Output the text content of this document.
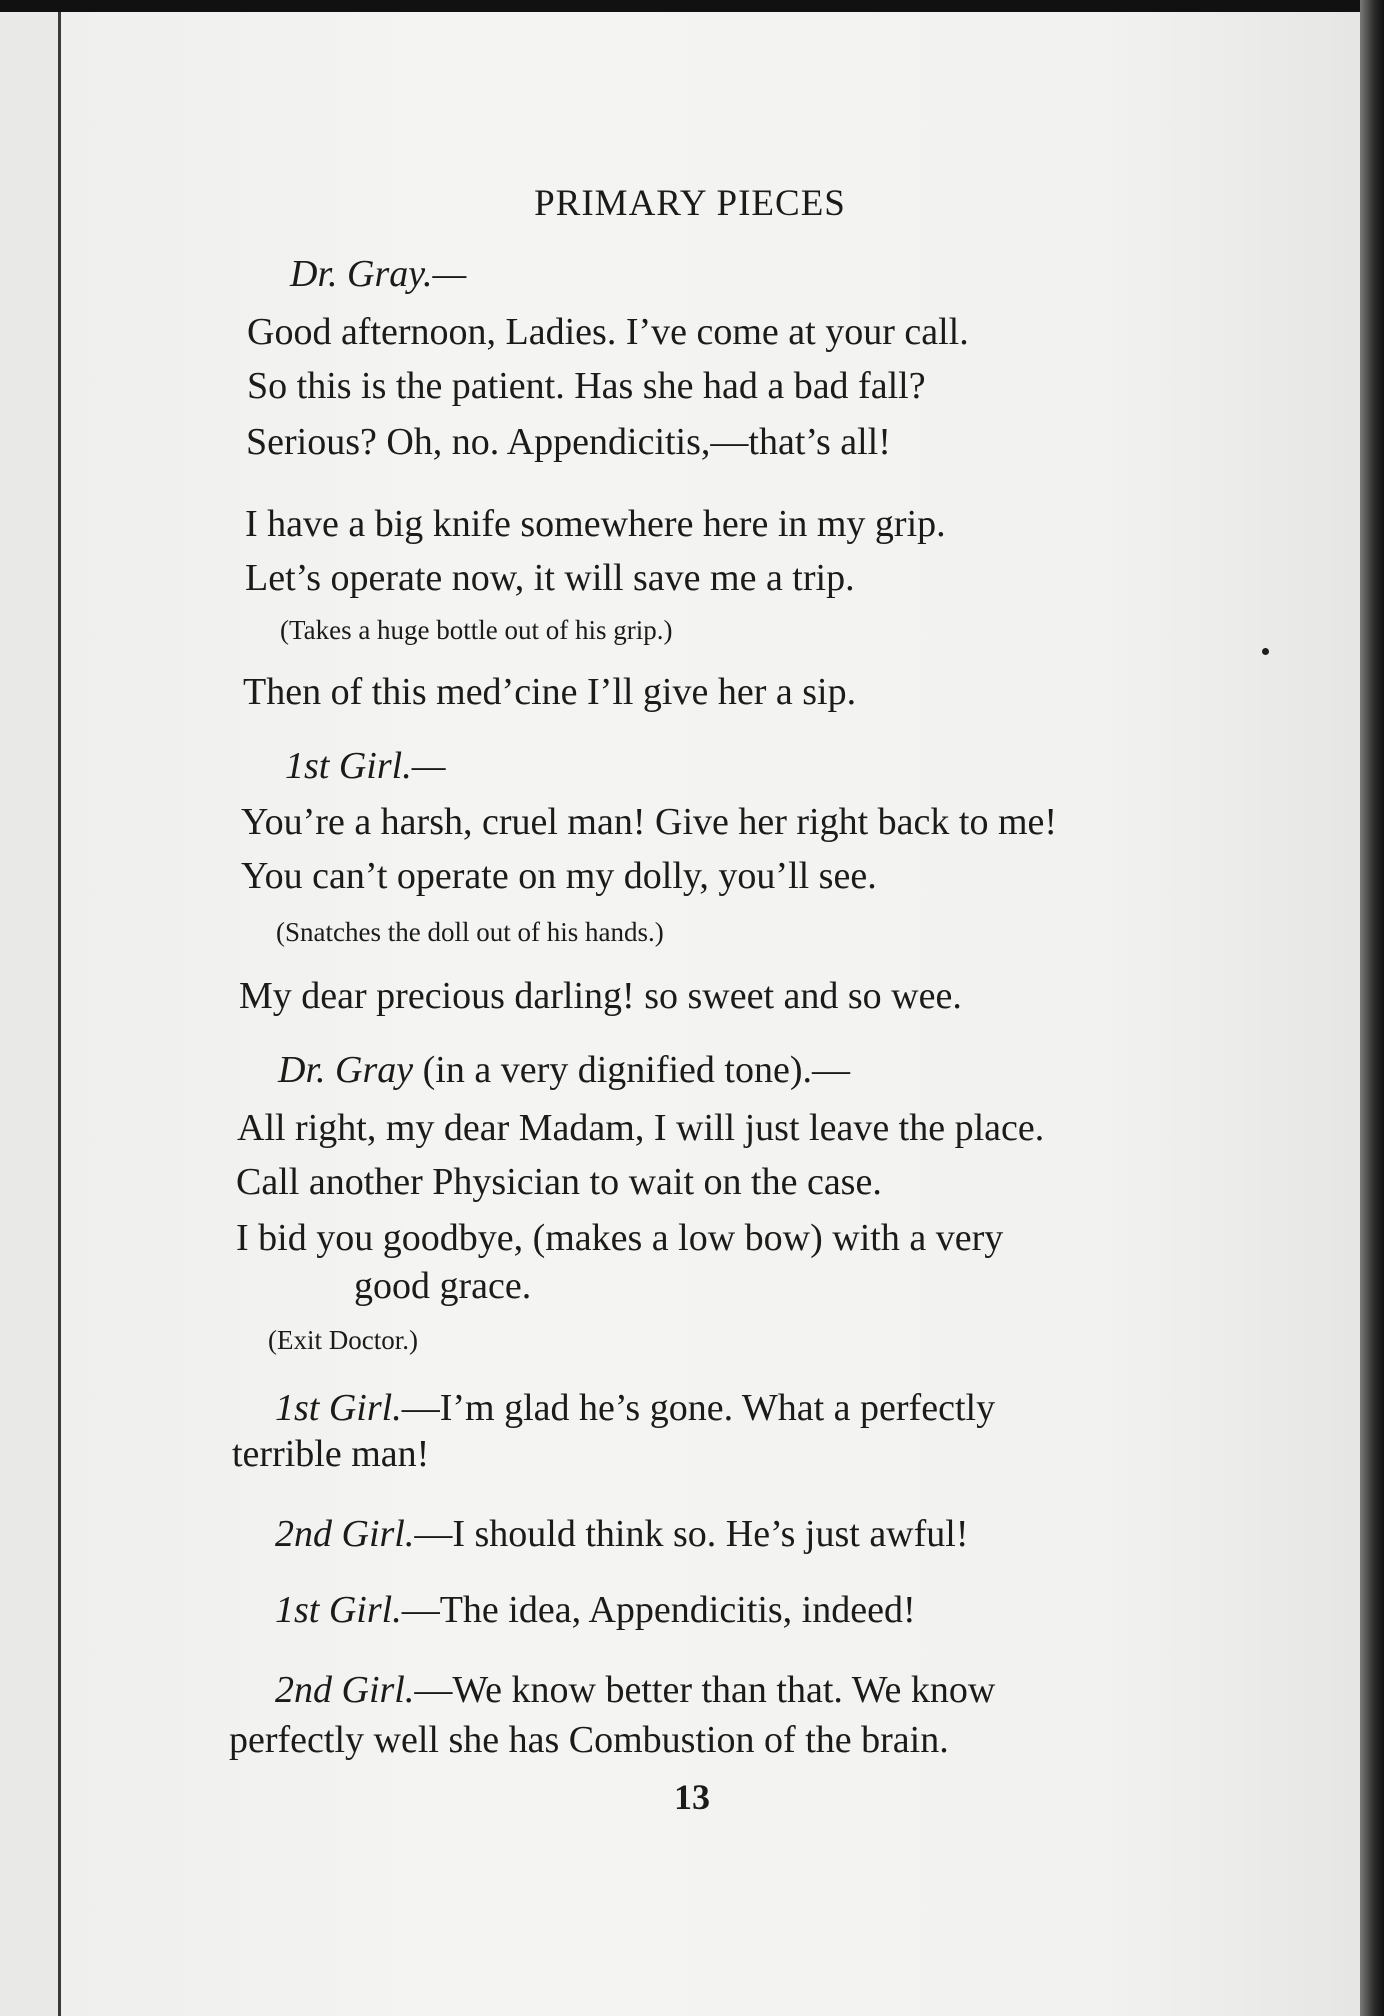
PRIMARY PIECES
Dr. Gray.—
Good afternoon, Ladies. I’ve come at your call.
So this is the patient. Has she had a bad fall?
Serious? Oh, no. Appendicitis,—that’s all!
I have a big knife somewhere here in my grip.
Let’s operate now, it will save me a trip.
(Takes a huge bottle out of his grip.)
Then of this med’cine I’ll give her a sip.
1st Girl.—
You’re a harsh, cruel man! Give her right back to me!
You can’t operate on my dolly, you’ll see.
(Snatches the doll out of his hands.)
My dear precious darling! so sweet and so wee.
Dr. Gray (in a very dignified tone).—
All right, my dear Madam, I will just leave the place.
Call another Physician to wait on the case.
I bid you goodbye, (makes a low bow) with a very
good grace.
(Exit Doctor.)
1st Girl.—I’m glad he’s gone. What a perfectly
terrible man!
2nd Girl.—I should think so. He’s just awful!
1st Girl.—The idea, Appendicitis, indeed!
2nd Girl.—We know better than that. We know
perfectly well she has Combustion of the brain.
13
